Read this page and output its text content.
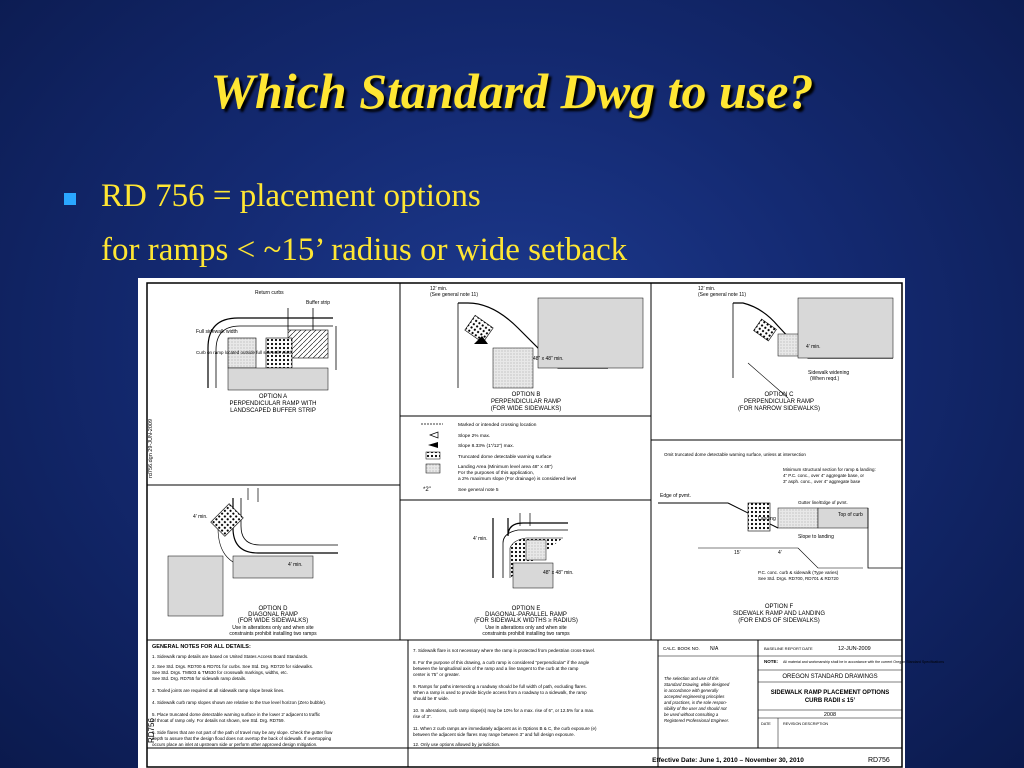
Which Standard Dwg to use?
RD 756 = placement options
for ramps < ~15’ radius or wide setback
rd756.dgn 29-JUN-2009
RD756
Return curbs
Buffer strip
Full sidewalk width
Curb on ramp located outside full sidewalk width
OPTION A
PERPENDICULAR RAMP WITH
LANDSCAPED BUFFER STRIP
12’ min.
(See general note 11)
48” x 48” min.
OPTION B
PERPENDICULAR RAMP
(FOR WIDE SIDEWALKS)
12’ min.
(See general note 11)
4’ min.
Sidewalk widening
(When reqd.)
OPTION C
PERPENDICULAR RAMP
(FOR NARROW SIDEWALKS)
*2"
Marked or intended crossing location
Slope 2% max.
Slope 8.33% (1”/12”) max.
Truncated dome detectable warning surface
Landing Area (Minimum level area 48” x 48”)
For the purposes of this application,
a 2% maximum slope (For drainage) is considered level
See general note 5
4’ min.
4’ min.
OPTION D
DIAGONAL RAMP
(FOR WIDE SIDEWALKS)
Use in alterations only and when site
constraints prohibit installing two ramps
4’ min.
48” x 48” min.
OPTION E
DIAGONAL-PARALLEL RAMP
(FOR SIDEWALK WIDTHS ≥ RADIUS)
Use in alterations only and when site
constraints prohibit installing two ramps
Omit truncated dome detectable warning surface, unless at intersection
Edge of pvmt.
Landing
Slope to landing
Top of curb
Gutter line/Edge of pvmt.
15’	4’
P.C. conc. curb & sidewalk (Type varies)
See Std. Drgs. RD700, RD701 & RD720
Minimum structural section for ramp & landing:
4” P.C. conc., over 4” aggregate base, or
3” asph. conc., over 4” aggregate base
OPTION F
SIDEWALK RAMP AND LANDING
(FOR ENDS OF SIDEWALKS)
GENERAL NOTES FOR ALL DETAILS:
1. Sidewalk ramp details are based on United States Access Board Standards.
2. See Std. Drgs. RD700 & RD701 for curbs. See Std. Drg. RD720 for sidewalks.
See Std. Drgs. TM503 & TM530 for crosswalk markings, widths, etc.
See Std. Drg. RD755 for sidewalk ramp details.
3. Tooled joints are required at all sidewalk ramp slope break lines.
4. Sidewalk curb ramp slopes shown are relative to the true level horizon (Zero bubble).
5. Place truncated dome detectable warning surface in the lower 2’ adjacent to traffic
of throat of ramp only. For details not shown, see Std. Drg. RD759.
6. Side flares that are not part of the path of travel may be any slope. Check the gutter flow
depth to assure that the design flood does not overtop the back of sidewalk. If overtopping
occurs place an inlet at upstream side or perform other approved design mitigation.
7. Sidewalk flare is not necessary where the ramp is protected from pedestrian cross-travel.
8. For the purpose of this drawing, a curb ramp is considered “perpendicular” if the angle
between the longitudinal axis of the ramp and a line tangent to the curb at the ramp
center is 75° or greater.
9. Ramps for paths intersecting a roadway should be full width of path, excluding flares.
When a ramp is used to provide bicycle access from a roadway to a sidewalk, the ramp
should be 8’ wide.
10. In alterations, curb ramp slope(s) may be 10% for a max. rise of 6”, or 12.5% for a max.
rise of 3”.
11. When 2 curb ramps are immediately adjacent as in Options B & C, the curb exposure (e)
between the adjacent side flares may range between 3” and full design exposure.
12. Only use options allowed by jurisdiction.
CALC. BOOK NO. N/A	BASELINE REPORT DATE	12-JUN-2009
NOTE: All material and workmanship shall be in accordance with the current Oregon Standard Specifications
The selection and use of this
Standard Drawing, while designed
in accordance with generally
accepted engineering principles
and practices, is the sole respon-
sibility of the user and should not
be used without consulting a
Registered Professional Engineer.
OREGON STANDARD DRAWINGS
SIDEWALK RAMP PLACEMENT OPTIONS
CURB RADII ≤ 15’
2008
DATE	REVISION DESCRIPTION
Effective Date: June 1, 2010 – November 30, 2010	RD756
